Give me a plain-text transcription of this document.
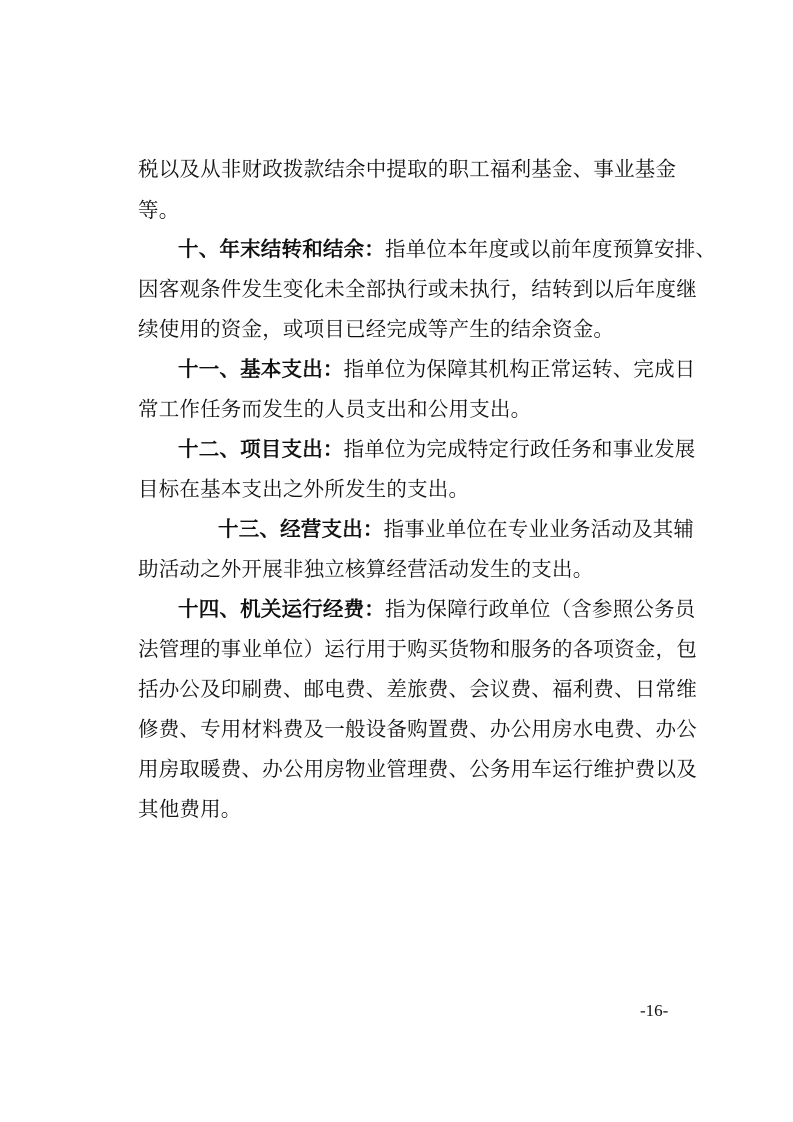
税以及从非财政拨款结余中提取的职工福利基金、事业基金
等。
十、年末结转和结余：指单位本年度或以前年度预算安排、
因客观条件发生变化未全部执行或未执行，结转到以后年度继
续使用的资金，或项目已经完成等产生的结余资金。
十一、基本支出：指单位为保障其机构正常运转、完成日
常工作任务而发生的人员支出和公用支出。
十二、项目支出：指单位为完成特定行政任务和事业发展
目标在基本支出之外所发生的支出。
十三、经营支出：指事业单位在专业业务活动及其辅
助活动之外开展非独立核算经营活动发生的支出。
十四、机关运行经费：指为保障行政单位（含参照公务员
法管理的事业单位）运行用于购买货物和服务的各项资金，包
括办公及印刷费、邮电费、差旅费、会议费、福利费、日常维
修费、专用材料费及一般设备购置费、办公用房水电费、办公
用房取暖费、办公用房物业管理费、公务用车运行维护费以及
其他费用。
-16-
